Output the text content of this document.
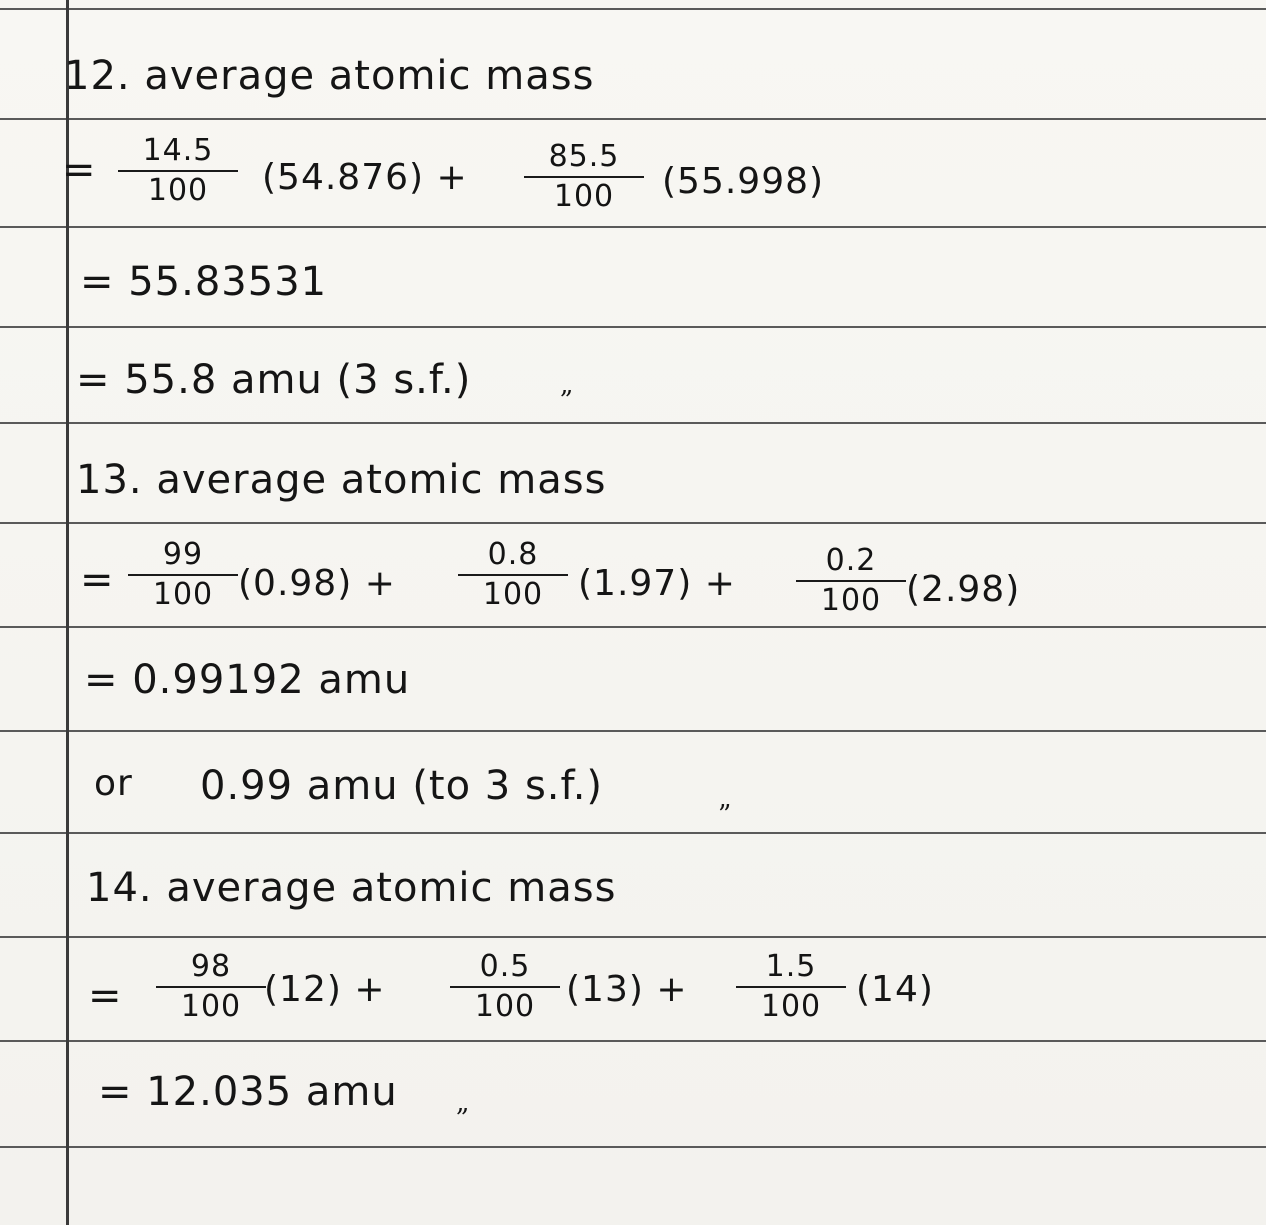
12. average atomic mass
=	14.5
100	(54.876) +
85.5
100	(55.998)
= 55.83531
= 55.8 amu (3 s.f.)	„
13. average atomic mass
=
99
100 (0.98) +
0.8
100 (1.97) +
0.2
100 (2.98)
= 0.99192 amu
or 0.99 amu (to 3 s.f.)
”
14. average atomic mass
=
98
100 (12) +
0.5
100 (13) +
1.5
100 (14)
= 12.035 amu „
